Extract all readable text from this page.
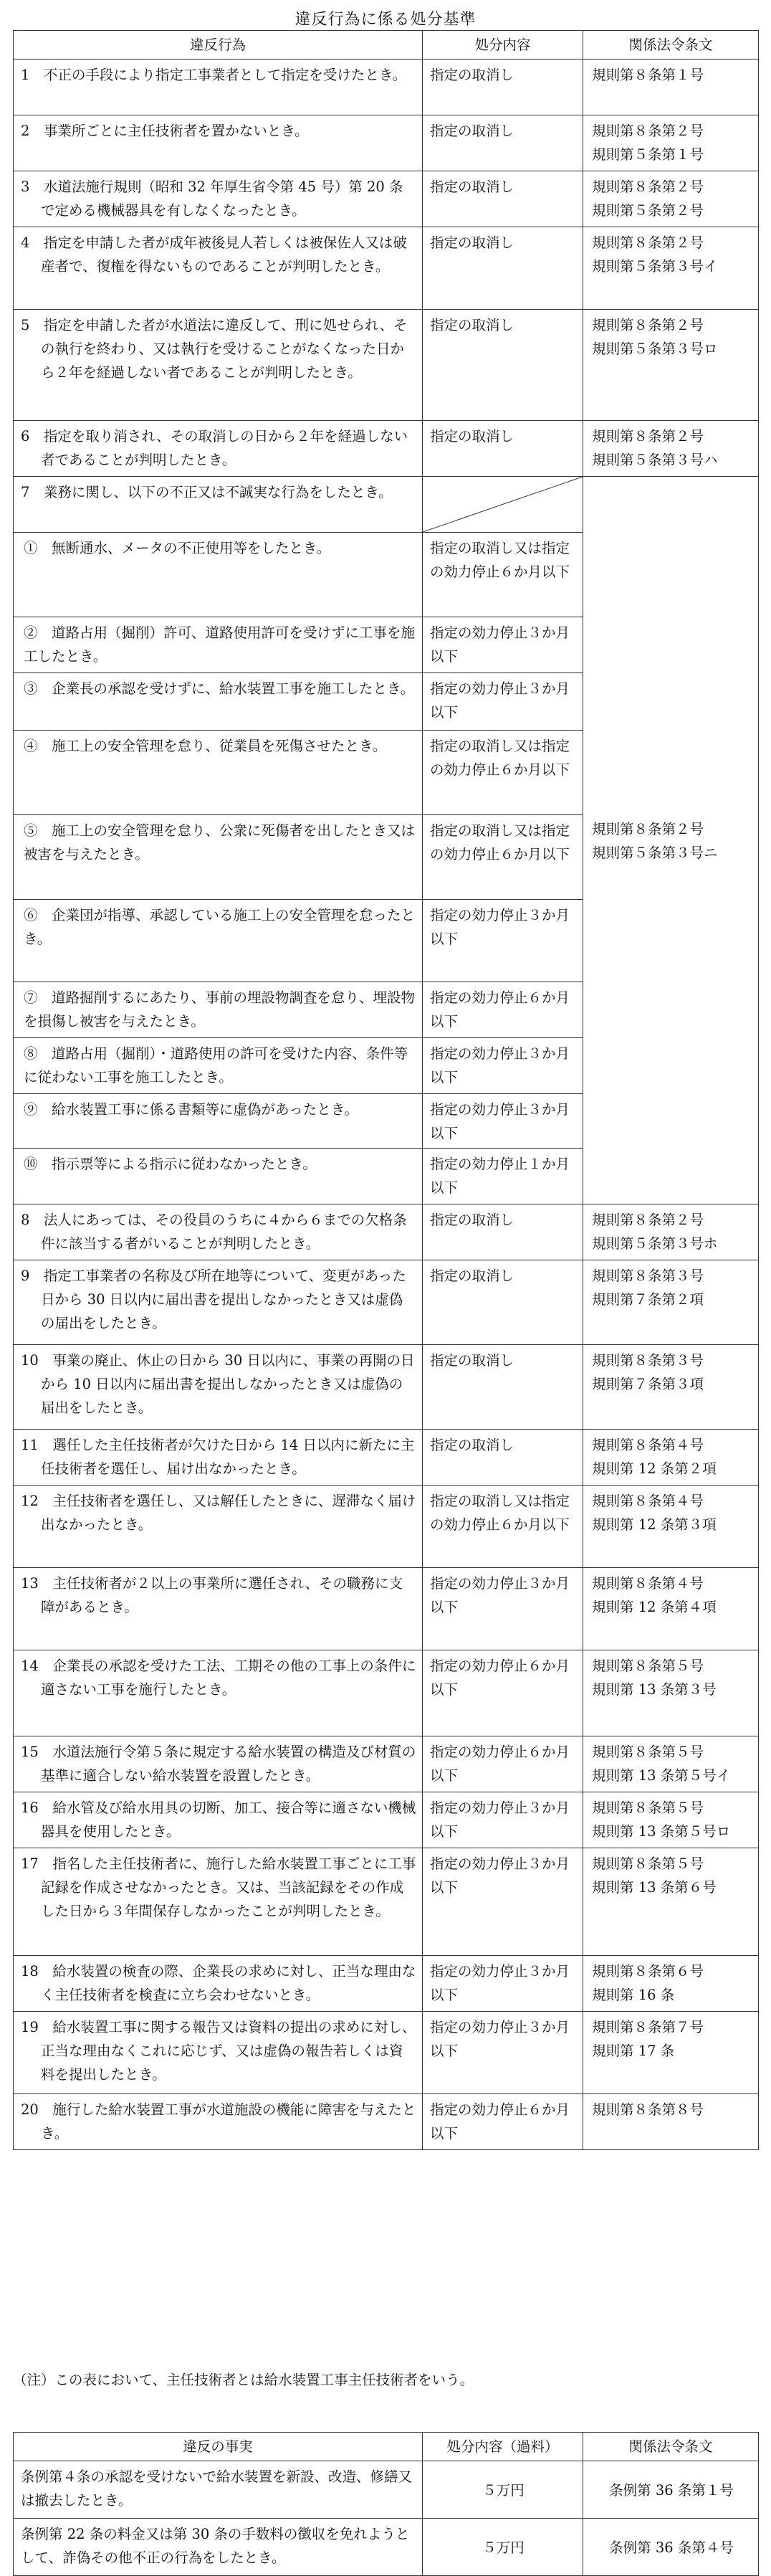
違反行為に係る処分基準
違反行為	処分内容	関係法令条文
1　不正の手段により指定工事業者として指定を受けたとき。	指定の取消し	規則第８条第１号

2　事業所ごとに主任技術者を置かないとき。	指定の取消し	規則第８条第２号
規則第５条第１号

3　水道法施行規則（昭和 32 年厚生省令第 45 号）第 20 条で定める機械器具を有しなくなったとき。	指定の取消し	規則第８条第２号
規則第５条第２号

4　指定を申請した者が成年被後見人若しくは被保佐人又は破産者で、復権を得ないものであることが判明したとき。	指定の取消し	規則第８条第２号
規則第５条第３号イ

5　指定を申請した者が水道法に違反して、刑に処せられ、その執行を終わり、又は執行を受けることがなくなった日から２年を経過しない者であることが判明したとき。	指定の取消し	規則第８条第２号
規則第５条第３号ロ

6　指定を取り消され、その取消しの日から２年を経過しない者であることが判明したとき。	指定の取消し	規則第８条第２号
規則第５条第３号ハ

7　業務に関し、以下の不正又は不誠実な行為をしたとき。		規則第８条第２号
規則第５条第３号ニ

①　無断通水、メータの不正使用等をしたとき。	指定の取消し又は指定の効力停止６か月以下	
②　道路占用（掘削）許可、道路使用許可を受けずに工事を施工したとき。	指定の効力停止３か月以下	
③　企業長の承認を受けずに、給水装置工事を施工したとき。	指定の効力停止３か月以下	
④　施工上の安全管理を怠り、従業員を死傷させたとき。	指定の取消し又は指定の効力停止６か月以下	
⑤　施工上の安全管理を怠り、公衆に死傷者を出したとき又は被害を与えたとき。	指定の取消し又は指定の効力停止６か月以下	
⑥　企業団が指導、承認している施工上の安全管理を怠ったとき。	指定の効力停止３か月以下	
⑦　道路掘削するにあたり、事前の埋設物調査を怠り、埋設物を損傷し被害を与えたとき。	指定の効力停止６か月以下	
⑧　道路占用（掘削）・道路使用の許可を受けた内容、条件等に従わない工事を施工したとき。	指定の効力停止３か月以下	
⑨　給水装置工事に係る書類等に虚偽があったとき。	指定の効力停止３か月以下	
⑩　指示票等による指示に従わなかったとき。	指定の効力停止１か月以下	
8　法人にあっては、その役員のうちに４から６までの欠格条件に該当する者がいることが判明したとき。	指定の取消し	規則第８条第２号
規則第５条第３号ホ

9　指定工事業者の名称及び所在地等について、変更があった日から 30 日以内に届出書を提出しなかったとき又は虚偽の届出をしたとき。	指定の取消し	規則第８条第３号
規則第７条第２項

10　事業の廃止、休止の日から 30 日以内に、事業の再開の日から 10 日以内に届出書を提出しなかったとき又は虚偽の届出をしたとき。	指定の取消し	規則第８条第３号
規則第７条第３項

11　選任した主任技術者が欠けた日から 14 日以内に新たに主任技術者を選任し、届け出なかったとき。	指定の取消し	規則第８条第４号
規則第 12 条第２項

12　主任技術者を選任し、又は解任したときに、遅滞なく届け出なかったとき。	指定の取消し又は指定の効力停止６か月以下	規則第８条第４号
規則第 12 条第３項

13　主任技術者が２以上の事業所に選任され、その職務に支障があるとき。	指定の効力停止３か月以下	規則第８条第４号
規則第 12 条第４項

14　企業長の承認を受けた工法、工期その他の工事上の条件に適さない工事を施行したとき。	指定の効力停止６か月以下	規則第８条第５号
規則第 13 条第３号

15　水道法施行令第５条に規定する給水装置の構造及び材質の基準に適合しない給水装置を設置したとき。	指定の効力停止６か月以下	規則第８条第５号
規則第 13 条第５号イ

16　給水管及び給水用具の切断、加工、接合等に適さない機械器具を使用したとき。	指定の効力停止３か月以下	規則第８条第５号
規則第 13 条第５号ロ

17　指名した主任技術者に、施行した給水装置工事ごとに工事記録を作成させなかったとき。又は、当該記録をその作成した日から３年間保存しなかったことが判明したとき。	指定の効力停止３か月以下	規則第８条第５号
規則第 13 条第６号

18　給水装置の検査の際、企業長の求めに対し、正当な理由なく主任技術者を検査に立ち会わせないとき。	指定の効力停止３か月以下	規則第８条第６号
規則第 16 条

19　給水装置工事に関する報告又は資料の提出の求めに対し、正当な理由なくこれに応じず、又は虚偽の報告若しくは資料を提出したとき。	指定の効力停止３か月以下	規則第８条第７号
規則第 17 条

20　施行した給水装置工事が水道施設の機能に障害を与えたとき。	指定の効力停止６か月以下	規則第８条第８号
（注）この表において、主任技術者とは給水装置工事主任技術者をいう。
違反の事実	処分内容（過料）	関係法令条文
条例第４条の承認を受けないで給水装置を新設、改造、修繕又は撤去したとき。	５万円	条例第 36 条第１号
条例第 22 条の料金又は第 30 条の手数料の徴収を免れようとして、詐偽その他不正の行為をしたとき。	５万円	条例第 36 条第４号
